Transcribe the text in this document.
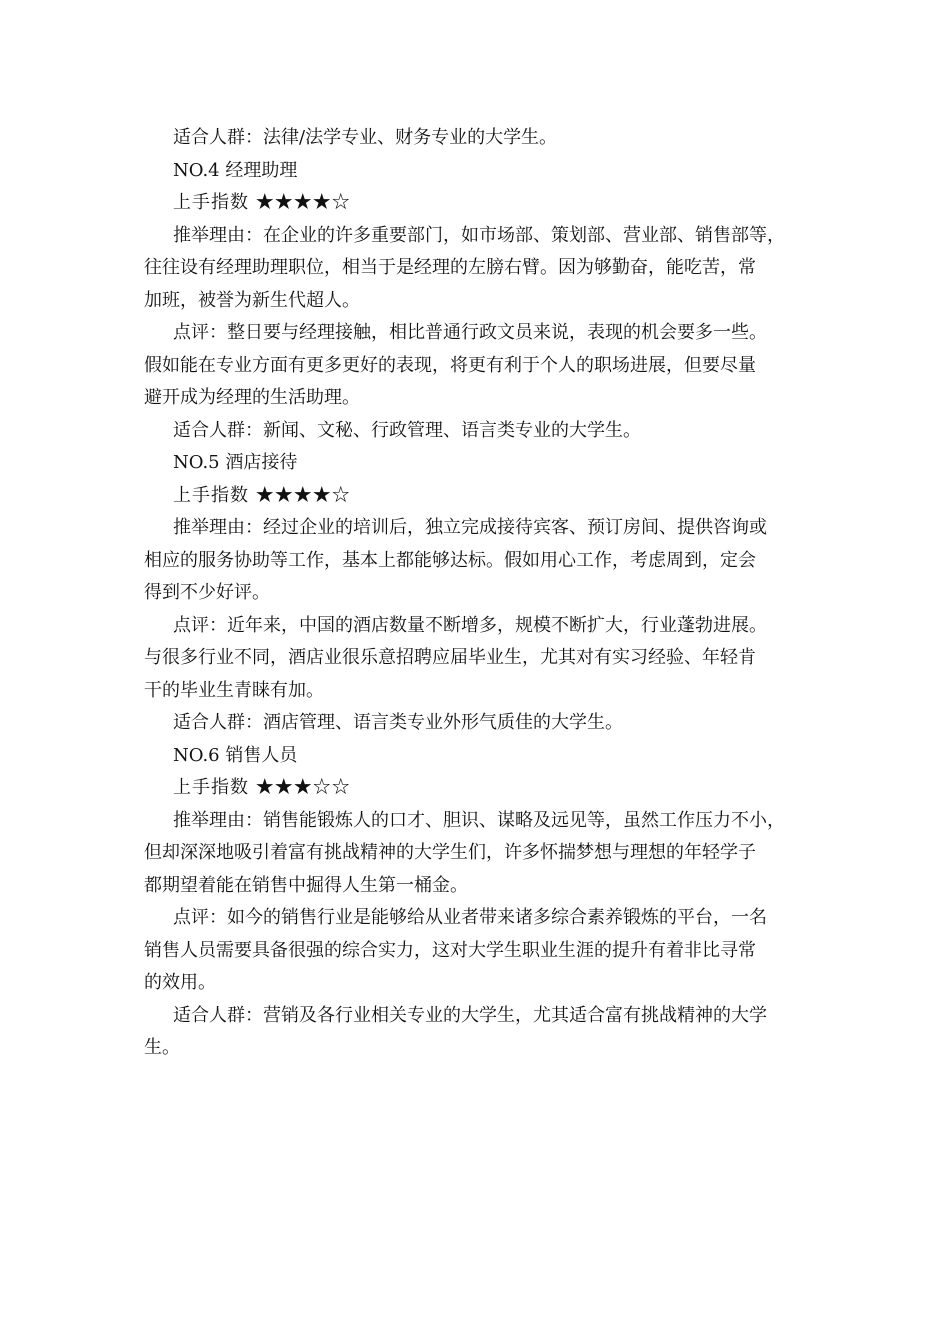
适合人群：法律/法学专业、财务专业的大学生。

NO.4 经理助理

上手指数 ★★★★☆

推举理由：在企业的许多重要部门，如市场部、策划部、营业部、销售部等，

往往设有经理助理职位，相当于是经理的左膀右臂。因为够勤奋，能吃苦，常

加班，被誉为新生代超人。

点评：整日要与经理接触，相比普通行政文员来说，表现的机会要多一些。

假如能在专业方面有更多更好的表现，将更有利于个人的职场进展，但要尽量

避开成为经理的生活助理。

适合人群：新闻、文秘、行政管理、语言类专业的大学生。

NO.5 酒店接待

上手指数 ★★★★☆

推举理由：经过企业的培训后，独立完成接待宾客、预订房间、提供咨询或

相应的服务协助等工作，基本上都能够达标。假如用心工作，考虑周到，定会

得到不少好评。

点评：近年来，中国的酒店数量不断增多，规模不断扩大，行业蓬勃进展。

与很多行业不同，酒店业很乐意招聘应届毕业生，尤其对有实习经验、年轻肯

干的毕业生青睐有加。

适合人群：酒店管理、语言类专业外形气质佳的大学生。

NO.6 销售人员

上手指数 ★★★☆☆

推举理由：销售能锻炼人的口才、胆识、谋略及远见等，虽然工作压力不小，

但却深深地吸引着富有挑战精神的大学生们，许多怀揣梦想与理想的年轻学子

都期望着能在销售中掘得人生第一桶金。

点评：如今的销售行业是能够给从业者带来诸多综合素养锻炼的平台，一名

销售人员需要具备很强的综合实力，这对大学生职业生涯的提升有着非比寻常

的效用。

适合人群：营销及各行业相关专业的大学生，尤其适合富有挑战精神的大学

生。
